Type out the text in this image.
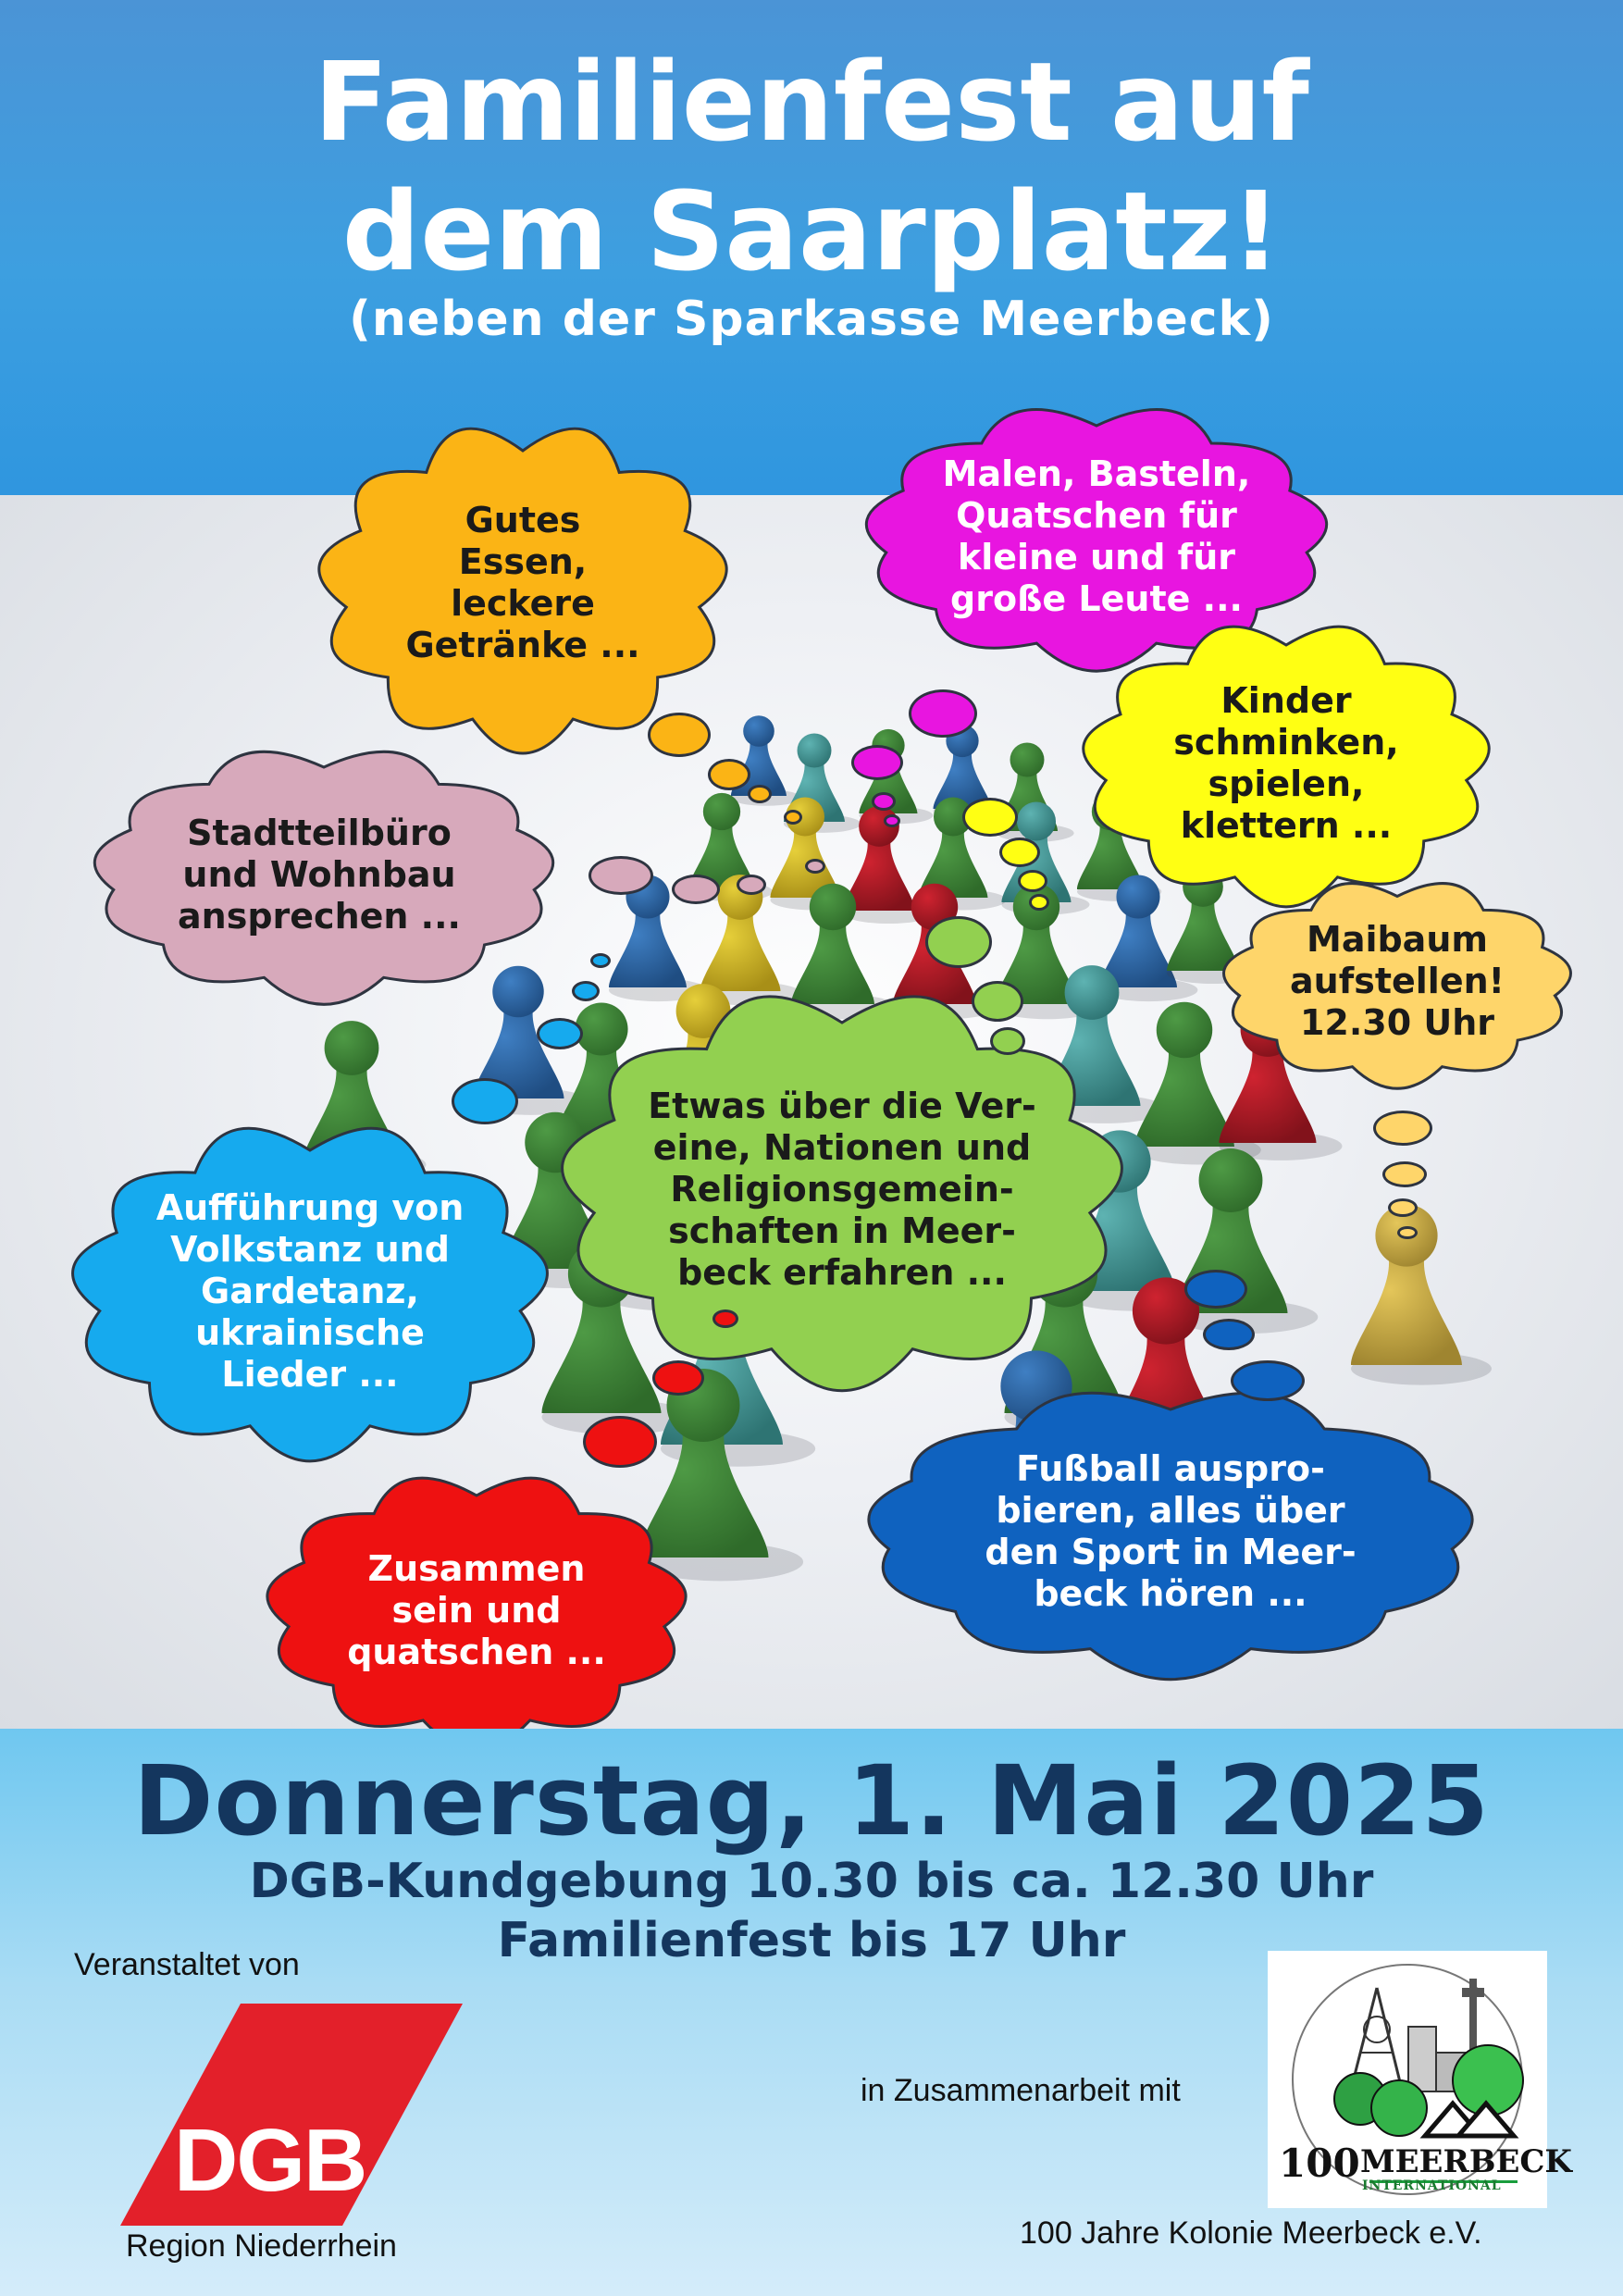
Familienfest auf
dem Saarplatz!
(neben der Sparkasse Meerbeck)
Gutes
Essen,
leckere
Getränke ...
Malen, Basteln,
Quatschen für
kleine und für
große Leute ...
Kinder
schminken,
spielen,
klettern ...
Stadtteilbüro
und Wohnbau
ansprechen ...
Maibaum
aufstellen!
12.30 Uhr
Etwas über die Ver-
eine, Nationen und
Religionsgemein-
schaften in Meer-
beck erfahren ...
Aufführung von
Volkstanz und
Gardetanz,
ukrainische
Lieder ...
Fußball auspro-
bieren, alles über
den Sport in Meer-
beck hören ...
Zusammen
sein und
quatschen ...
Donnerstag, 1. Mai 2025
DGB-Kundgebung 10.30 bis ca. 12.30 Uhr
Familienfest bis 17 Uhr
Veranstaltet von
DGB
Region Niederrhein
in Zusammenarbeit mit
100 MEERBECK
INTERNATIONAL
100 Jahre Kolonie Meerbeck e.V.
